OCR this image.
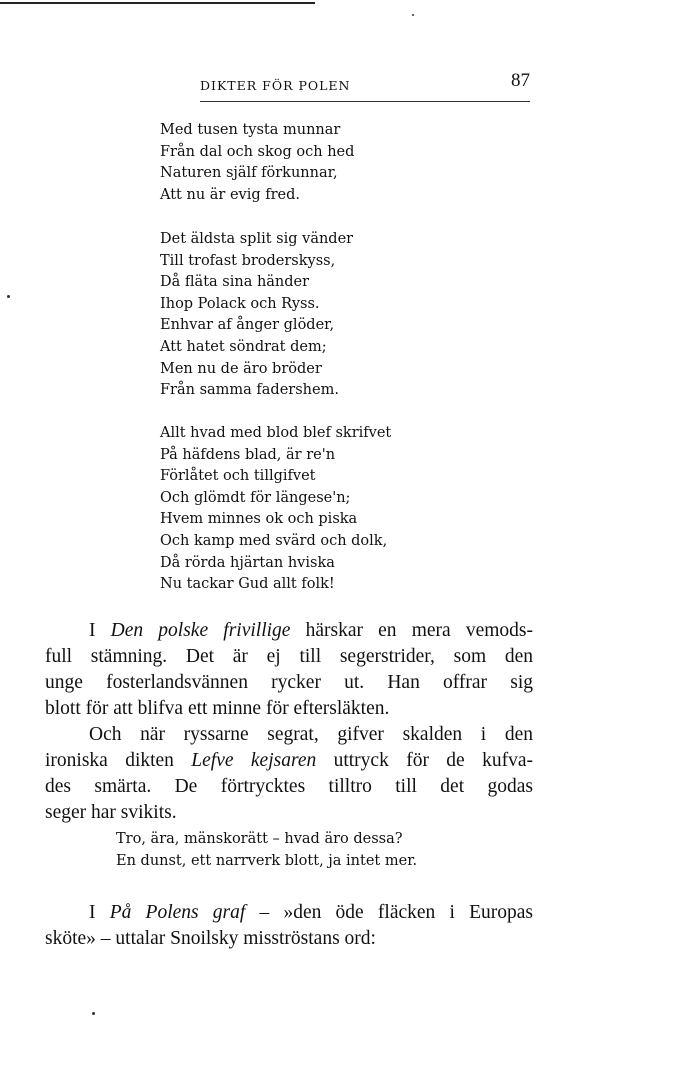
DIKTER FÖR POLEN	87
Med tusen tysta munnar
Från dal och skog och hed
Naturen själf förkunnar,
Att nu är evig fred.
Det äldsta split sig vänder
Till trofast broderskyss,
Då fläta sina händer
Ihop Polack och Ryss.
Enhvar af ånger glöder,
Att hatet söndrat dem;
Men nu de äro bröder
Från samma fadershem.
Allt hvad med blod blef skrifvet
På häfdens blad, är re'n
Förlåtet och tillgifvet
Och glömdt för längese'n;
Hvem minnes ok och piska
Och kamp med svärd och dolk,
Då rörda hjärtan hviska
Nu tackar Gud allt folk!
I Den polske frivillige härskar en mera vemods-
full stämning. Det är ej till segerstrider, som den
unge fosterlandsvännen rycker ut. Han offrar sig
blott för att blifva ett minne för eftersläkten.
Och när ryssarne segrat, gifver skalden i den
ironiska dikten Lefve kejsaren uttryck för de kufva-
des smärta. De förtrycktes tilltro till det godas
seger har svikits.
Tro, ära, mänskorätt – hvad äro dessa?
En dunst, ett narrverk blott, ja intet mer.
I På Polens graf – »den öde fläcken i Europas
sköte» – uttalar Snoilsky misströstans ord:
